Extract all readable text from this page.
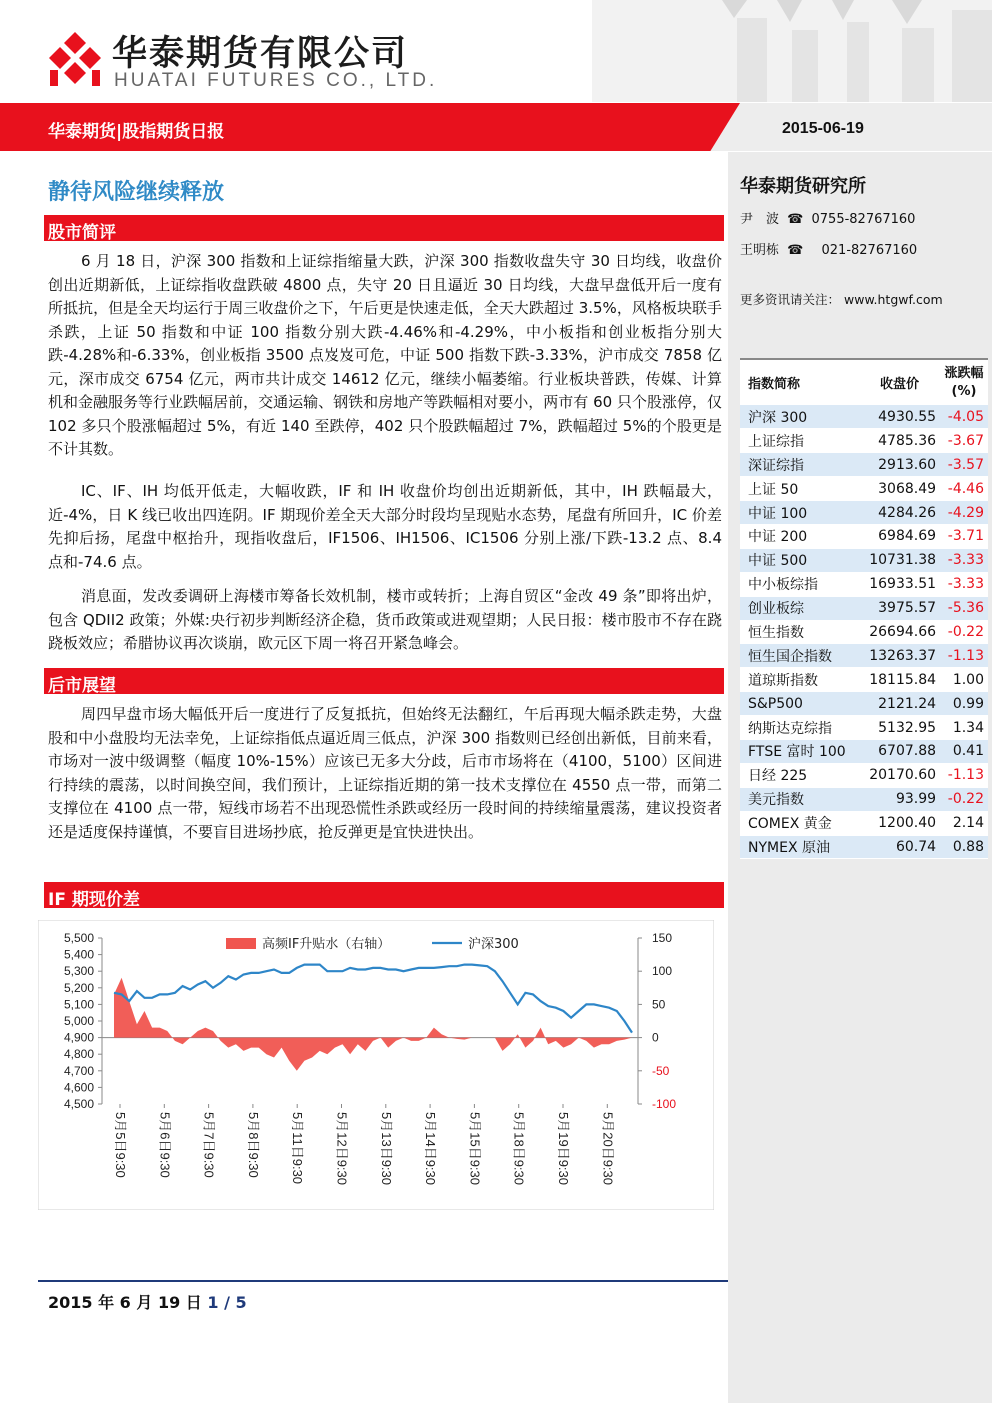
华泰期货有限公司
HUATAI FUTURES CO., LTD.
华泰期货|股指期货日报	2015-06-19
静待风险继续释放
股市简评
6 月 18 日，沪深 300 指数和上证综指缩量大跌，沪深 300 指数收盘失守 30 日均线，收盘价创出近期新低，上证综指收盘跌破 4800 点，失守 20 日且逼近 30 日均线，大盘早盘低开后一度有所抵抗，但是全天均运行于周三收盘价之下，午后更是快速走低，全天大跌超过 3.5%，风格板块联手杀跌，上证 50 指数和中证 100 指数分别大跌-4.46%和-4.29%，中小板指和创业板指分别大跌-4.28%和-6.33%，创业板指 3500 点岌岌可危，中证 500 指数下跌-3.33%，沪市成交 7858 亿元，深市成交 6754 亿元，两市共计成交 14612 亿元，继续小幅萎缩。行业板块普跌，传媒、计算机和金融服务等行业跌幅居前，交通运输、钢铁和房地产等跌幅相对要小，两市有 60 只个股涨停，仅 102 多只个股涨幅超过 5%，有近 140 至跌停，402 只个股跌幅超过 7%，跌幅超过 5%的个股更是不计其数。
IC、IF、IH 均低开低走，大幅收跌，IF 和 IH 收盘价均创出近期新低，其中，IH 跌幅最大，近-4%，日 K 线已收出四连阴。IF 期现价差全天大部分时段均呈现贴水态势，尾盘有所回升，IC 价差先抑后扬，尾盘中枢抬升，现指收盘后，IF1506、IH1506、IC1506 分别上涨/下跌-13.2 点、8.4 点和-74.6 点。
消息面，发改委调研上海楼市筹备长效机制，楼市或转折；上海自贸区“金改 49 条”即将出炉，包含 QDII2 政策；外媒:央行初步判断经济企稳，货币政策或进观望期；人民日报：楼市股市不存在跷跷板效应；希腊协议再次谈崩，欧元区下周一将召开紧急峰会。
后市展望
周四早盘市场大幅低开后一度进行了反复抵抗，但始终无法翻红，午后再现大幅杀跌走势，大盘股和中小盘股均无法幸免，上证综指低点逼近周三低点，沪深 300 指数则已经创出新低，目前来看，市场对一波中级调整（幅度 10%-15%）应该已无多大分歧，后市市场将在（4100，5100）区间进行持续的震荡，以时间换空间，我们预计，上证综指近期的第一技术支撑位在 4550 点一带，而第二支撑位在 4100 点一带，短线市场若不出现恐慌性杀跌或经历一段时间的持续缩量震荡，建议投资者还是适度保持谨慎，不要盲目进场抄底，抢反弹更是宜快进快出。
IF 期现价差
4,500
4,600
4,700
4,800
4,900
5,000
5,100
5,200
5,300
5,400
5,500
-100
-50
0
50
100
150
5月5日9:30 5月6日9:30 5月7日9:30 5月8日9:30 5月11日9:30 5月12日9:30 5月13日9:30 5月14日9:30 5月15日9:30 5月18日9:30 5月19日9:30 5月20日9:30
高频IF升贴水（右轴）	沪深300
2015 年 6 月 19 日 1 / 5
华泰期货研究所
尹　波 ☎ 0755-82767160
王明栋 ☎ 021-82767160
更多资讯请关注： www.htgwf.com
指数简称	收盘价	涨跌幅
(%)

沪深 300	4930.55	-4.05
上证综指	4785.36	-3.67
深证综指	2913.60	-3.57
上证 50	3068.49	-4.46
中证 100	4284.26	-4.29
中证 200	6984.69	-3.71
中证 500	10731.38	-3.33
中小板综指	16933.51	-3.33
创业板综	3975.57	-5.36
恒生指数	26694.66	-0.22
恒生国企指数	13263.37	-1.13
道琼斯指数	18115.84	1.00
S&P500	2121.24	0.99
纳斯达克综指	5132.95	1.34
FTSE 富时 100	6707.88	0.41
日经 225	20170.60	-1.13
美元指数	93.99	-0.22
COMEX 黄金	1200.40	2.14
NYMEX 原油	60.74	0.88
